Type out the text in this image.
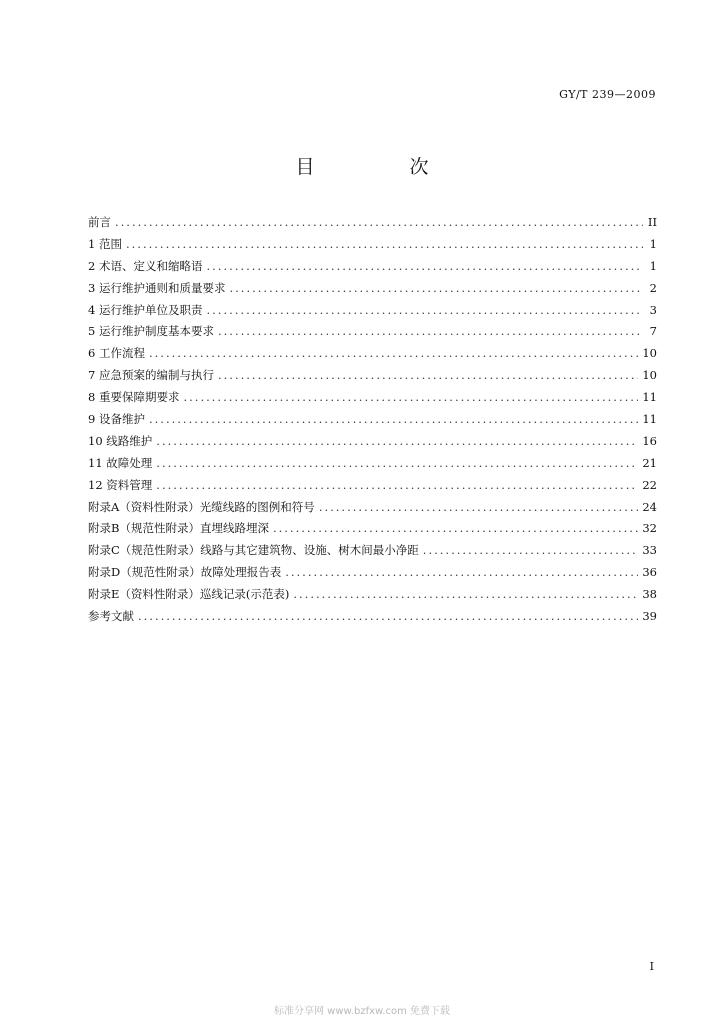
GY/T 239—2009
目　次
前言 .....	II
1 范围 .....	1
2 术语、定义和缩略语 .....	1
3 运行维护通则和质量要求 .....	2
4 运行维护单位及职责 .....	3
5 运行维护制度基本要求 .....	7
6 工作流程 .....	10
7 应急预案的编制与执行 .....	10
8 重要保障期要求 .....	11
9 设备维护 .....	11
10 线路维护 .....	16
11 故障处理 .....	21
12 资料管理 .....	22
附录A（资料性附录）光缆线路的图例和符号 .....	24
附录B（规范性附录）直埋线路埋深 .....	32
附录C（规范性附录）线路与其它建筑物、设施、树木间最小净距 .....	33
附录D（规范性附录）故障处理报告表 .....	36
附录E（资料性附录）巡线记录(示范表) .....	38
参考文献 .....	39
I
标准分享网 www.bzfxw.com 免费下载
